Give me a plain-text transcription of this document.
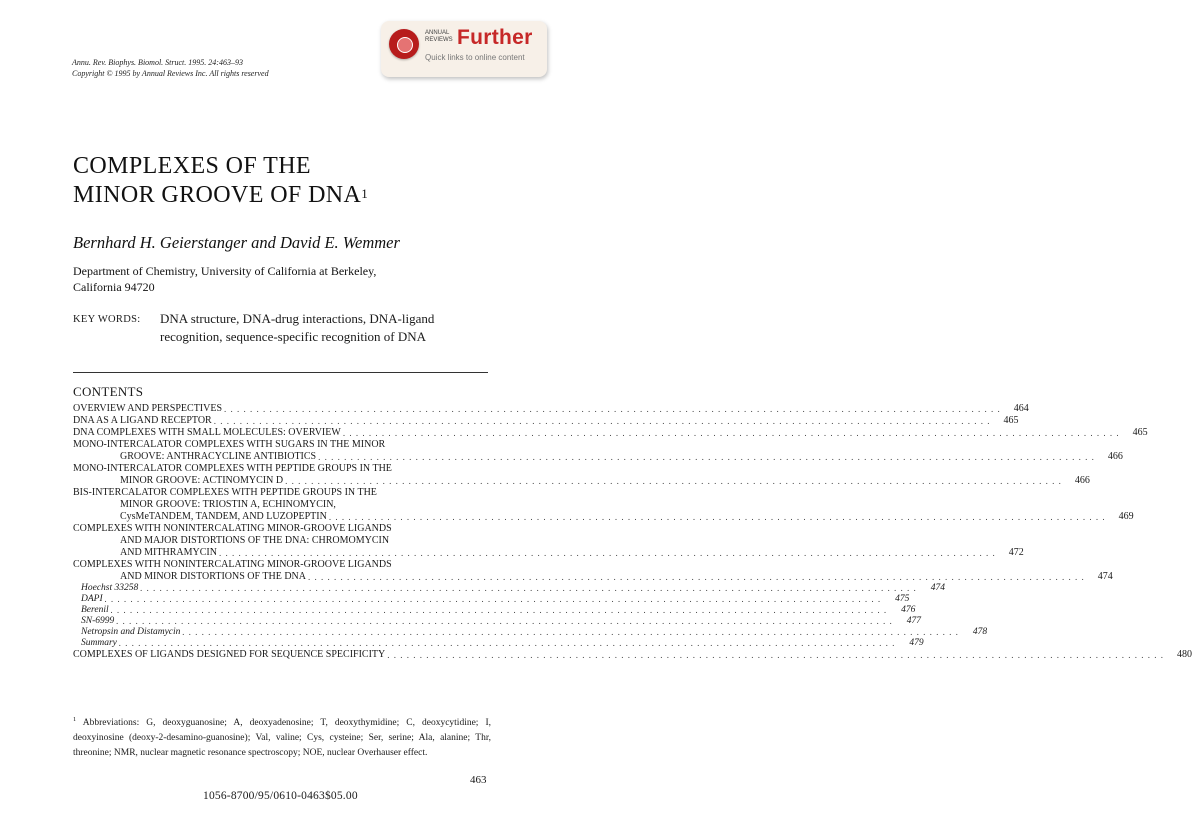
Annu. Rev. Biophys. Biomol. Struct. 1995. 24:463–93
Copyright © 1995 by Annual Reviews Inc. All rights reserved
ANNUAL
REVIEWS Further
Quick links to online content
COMPLEXES OF THE
MINOR GROOVE OF DNA$^1$
Bernhard H. Geierstanger and David E. Wemmer
Department of Chemistry, University of California at Berkeley,
California 94720
KEY WORDS: DNA structure, DNA-drug interactions, DNA-ligand
recognition, sequence-specific recognition of DNA
CONTENTS
OVERVIEW AND PERSPECTIVES . . . . . . . . . . . . . . . . . . . . . . . . . . . . . . . . . . . . . . . . . . . . . . . . . . . . . . . . . . . . . . . . . . . . . . . . . . . . . . . . . . . . . . . . . . . . . . . . . . . . . . . . . . . . . . . . . . . . . . . .	464
DNA AS A LIGAND RECEPTOR . . . . . . . . . . . . . . . . . . . . . . . . . . . . . . . . . . . . . . . . . . . . . . . . . . . . . . . . . . . . . . . . . . . . . . . . . . . . . . . . . . . . . . . . . . . . . . . . . . . . . . . . . . . . . . . . . . . . . . . .	465
DNA COMPLEXES WITH SMALL MOLECULES: OVERVIEW . . . . . . . . . . . . . . . . . . . . . . . . . . . . . . . . . . . . . . . . . . . . . . . . . . . . . . . . . . . . . . . . . . . . . . . . . . . . . . . . . . . . . . . . . . . . . . . . . . . . . . . . . . . . . . . . . . . . . . . .	465
MONO-INTERCALATOR COMPLEXES WITH SUGARS IN THE MINOR
GROOVE: ANTHRACYCLINE ANTIBIOTICS . . . . . . . . . . . . . . . . . . . . . . . . . . . . . . . . . . . . . . . . . . . . . . . . . . . . . . . . . . . . . . . . . . . . . . . . . . . . . . . . . . . . . . . . . . . . . . . . . . . . . . . . . . . . . . . . . . . . . . . .	466
MONO-INTERCALATOR COMPLEXES WITH PEPTIDE GROUPS IN THE
MINOR GROOVE: ACTINOMYCIN D . . . . . . . . . . . . . . . . . . . . . . . . . . . . . . . . . . . . . . . . . . . . . . . . . . . . . . . . . . . . . . . . . . . . . . . . . . . . . . . . . . . . . . . . . . . . . . . . . . . . . . . . . . . . . . . . . . . . . . . .	466
BIS-INTERCALATOR COMPLEXES WITH PEPTIDE GROUPS IN THE
MINOR GROOVE: TRIOSTIN A, ECHINOMYCIN,
CysMeTANDEM, TANDEM, AND LUZOPEPTIN . . . . . . . . . . . . . . . . . . . . . . . . . . . . . . . . . . . . . . . . . . . . . . . . . . . . . . . . . . . . . . . . . . . . . . . . . . . . . . . . . . . . . . . . . . . . . . . . . . . . . . . . . . . . . . . . . . . . . . . .	469
COMPLEXES WITH NONINTERCALATING MINOR-GROOVE LIGANDS
AND MAJOR DISTORTIONS OF THE DNA: CHROMOMYCIN
AND MITHRAMYCIN . . . . . . . . . . . . . . . . . . . . . . . . . . . . . . . . . . . . . . . . . . . . . . . . . . . . . . . . . . . . . . . . . . . . . . . . . . . . . . . . . . . . . . . . . . . . . . . . . . . . . . . . . . . . . . . . . . . . . . . .	472
COMPLEXES WITH NONINTERCALATING MINOR-GROOVE LIGANDS
AND MINOR DISTORTIONS OF THE DNA . . . . . . . . . . . . . . . . . . . . . . . . . . . . . . . . . . . . . . . . . . . . . . . . . . . . . . . . . . . . . . . . . . . . . . . . . . . . . . . . . . . . . . . . . . . . . . . . . . . . . . . . . . . . . . . . . . . . . . . .	474
Hoechst 33258 . . . . . . . . . . . . . . . . . . . . . . . . . . . . . . . . . . . . . . . . . . . . . . . . . . . . . . . . . . . . . . . . . . . . . . . . . . . . . . . . . . . . . . . . . . . . . . . . . . . . . . . . . . . . . . . . . . . . . . . .	474
DAPI . . . . . . . . . . . . . . . . . . . . . . . . . . . . . . . . . . . . . . . . . . . . . . . . . . . . . . . . . . . . . . . . . . . . . . . . . . . . . . . . . . . . . . . . . . . . . . . . . . . . . . . . . . . . . . . . . . . . . . . .	475
Berenil . . . . . . . . . . . . . . . . . . . . . . . . . . . . . . . . . . . . . . . . . . . . . . . . . . . . . . . . . . . . . . . . . . . . . . . . . . . . . . . . . . . . . . . . . . . . . . . . . . . . . . . . . . . . . . . . . . . . . . . .	476
SN-6999 . . . . . . . . . . . . . . . . . . . . . . . . . . . . . . . . . . . . . . . . . . . . . . . . . . . . . . . . . . . . . . . . . . . . . . . . . . . . . . . . . . . . . . . . . . . . . . . . . . . . . . . . . . . . . . . . . . . . . . . .	477
Netropsin and Distamycin . . . . . . . . . . . . . . . . . . . . . . . . . . . . . . . . . . . . . . . . . . . . . . . . . . . . . . . . . . . . . . . . . . . . . . . . . . . . . . . . . . . . . . . . . . . . . . . . . . . . . . . . . . . . . . . . . . . . . . . .	478
Summary . . . . . . . . . . . . . . . . . . . . . . . . . . . . . . . . . . . . . . . . . . . . . . . . . . . . . . . . . . . . . . . . . . . . . . . . . . . . . . . . . . . . . . . . . . . . . . . . . . . . . . . . . . . . . . . . . . . . . . . .	479
COMPLEXES OF LIGANDS DESIGNED FOR SEQUENCE SPECIFICITY . . . . . . . . . . . . . . . . . . . . . . . . . . . . . . . . . . . . . . . . . . . . . . . . . . . . . . . . . . . . . . . . . . . . . . . . . . . . . . . . . . . . . . . . . . . . . . . . . . . . . . . . . . . . . . . . . . . . . . . .	480
$^1$ Abbreviations: G, deoxyguanosine; A, deoxyadenosine; T, deoxythymidine; C, deoxycytidine; I, deoxyinosine (deoxy-2-desamino-guanosine); Val, valine; Cys, cysteine; Ser, serine; Ala, alanine; Thr, threonine; NMR, nuclear magnetic resonance spectroscopy; NOE, nuclear Overhauser effect.
463
1056-8700/95/0610-0463$05.00
